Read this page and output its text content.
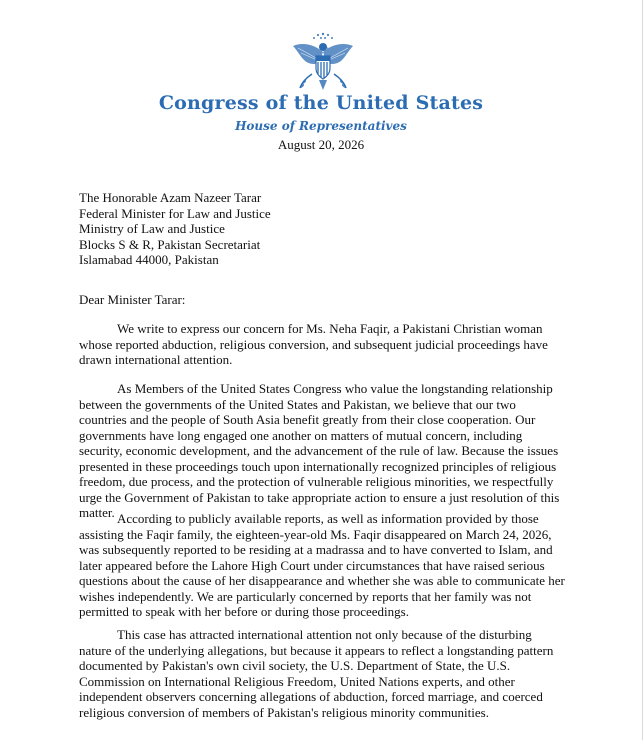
Congress of the United States
House of Representatives
August 20, 2026
The Honorable Azam Nazeer Tarar
Federal Minister for Law and Justice
Ministry of Law and Justice
Blocks S & R, Pakistan Secretariat
Islamabad 44000, Pakistan
Dear Minister Tarar:

We write to express our concern for Ms. Neha Faqir, a Pakistani Christian woman whose reported abduction, religious conversion, and subsequent judicial proceedings have drawn international attention.

As Members of the United States Congress who value the longstanding relationship between the governments of the United States and Pakistan, we believe that our two countries and the people of South Asia benefit greatly from their close cooperation. Our governments have long engaged one another on matters of mutual concern, including security, economic development, and the advancement of the rule of law. Because the issues presented in these proceedings touch upon internationally recognized principles of religious freedom, due process, and the protection of vulnerable religious minorities, we respectfully urge the Government of Pakistan to take appropriate action to ensure a just resolution of this matter. According to publicly available reports, as well as information provided by those assisting the Faqir family, the eighteen-year-old Ms. Faqir disappeared on March 24, 2026, was subsequently reported to be residing at a madrassa and to have converted to Islam, and later appeared before the Lahore High Court under circumstances that have raised serious questions about the cause of her disappearance and whether she was able to communicate her wishes independently. We are particularly concerned by reports that her family was not permitted to speak with her before or during those proceedings.

This case has attracted international attention not only because of the disturbing nature of the underlying allegations, but because it appears to reflect a longstanding pattern documented by Pakistan's own civil society, the U.S. Department of State, the U.S. Commission on International Religious Freedom, United Nations experts, and other independent observers concerning allegations of abduction, forced marriage, and coerced religious conversion of members of Pakistan's religious minority communities.
